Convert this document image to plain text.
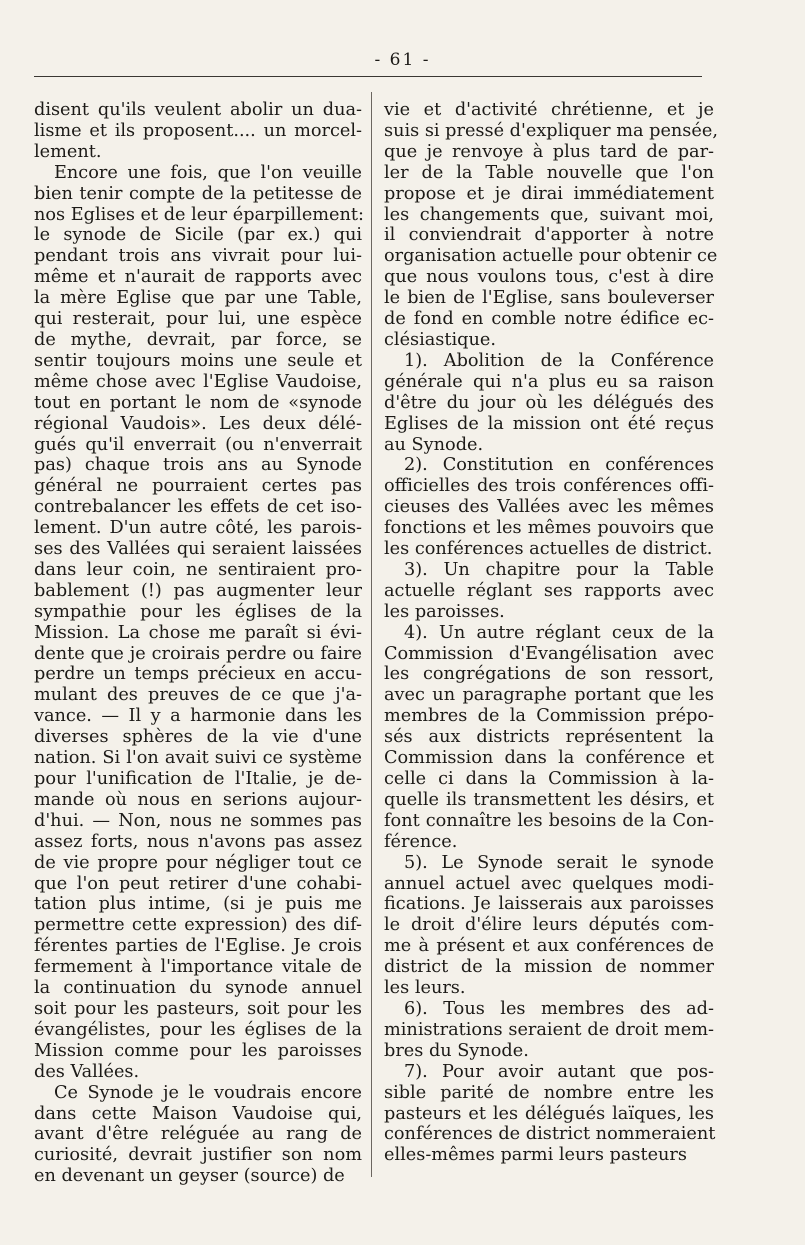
- 61 -

disent qu'ils veulent abolir un dua-
lisme et ils proposent.... un morcel-
lement.

Encore une fois, que l'on veuille
bien tenir compte de la petitesse de
nos Eglises et de leur éparpillement:
le synode de Sicile (par ex.) qui
pendant trois ans vivrait pour lui-
même et n'aurait de rapports avec
la mère Eglise que par une Table,
qui resterait, pour lui, une espèce
de mythe, devrait, par force, se
sentir toujours moins une seule et
même chose avec l'Eglise Vaudoise,
tout en portant le nom de «synode
régional Vaudois». Les deux délé-
gués qu'il enverrait (ou n'enverrait
pas) chaque trois ans au Synode
général ne pourraient certes pas
contrebalancer les effets de cet iso-
lement. D'un autre côté, les parois-
ses des Vallées qui seraient laissées
dans leur coin, ne sentiraient pro-
bablement (!) pas augmenter leur
sympathie pour les églises de la
Mission. La chose me paraît si évi-
dente que je croirais perdre ou faire
perdre un temps précieux en accu-
mulant des preuves de ce que j'a-
vance. — Il y a harmonie dans les
diverses sphères de la vie d'une
nation. Si l'on avait suivi ce système
pour l'unification de l'Italie, je de-
mande où nous en serions aujour-
d'hui. — Non, nous ne sommes pas
assez forts, nous n'avons pas assez
de vie propre pour négliger tout ce
que l'on peut retirer d'une cohabi-
tation plus intime, (si je puis me
permettre cette expression) des dif-
férentes parties de l'Eglise. Je crois
fermement à l'importance vitale de
la continuation du synode annuel
soit pour les pasteurs, soit pour les
évangélistes, pour les églises de la
Mission comme pour les paroisses
des Vallées.

Ce Synode je le voudrais encore
dans cette Maison Vaudoise qui,
avant d'être reléguée au rang de
curiosité, devrait justifier son nom
en devenant un geyser (source) de

vie et d'activité chrétienne, et je
suis si pressé d'expliquer ma pensée,
que je renvoye à plus tard de par-
ler de la Table nouvelle que l'on
propose et je dirai immédiatement
les changements que, suivant moi,
il conviendrait d'apporter à notre
organisation actuelle pour obtenir ce
que nous voulons tous, c'est à dire
le bien de l'Eglise, sans bouleverser
de fond en comble notre édifice ec-
clésiastique.

1). Abolition de la Conférence
générale qui n'a plus eu sa raison
d'être du jour où les délégués des
Eglises de la mission ont été reçus
au Synode.

2). Constitution en conférences
officielles des trois conférences offi-
cieuses des Vallées avec les mêmes
fonctions et les mêmes pouvoirs que
les conférences actuelles de district.

3). Un chapitre pour la Table
actuelle réglant ses rapports avec
les paroisses.

4). Un autre réglant ceux de la
Commission d'Evangélisation avec
les congrégations de son ressort,
avec un paragraphe portant que les
membres de la Commission prépo-
sés aux districts représentent la
Commission dans la conférence et
celle ci dans la Commission à la-
quelle ils transmettent les désirs, et
font connaître les besoins de la Con-
férence.

5). Le Synode serait le synode
annuel actuel avec quelques modi-
fications. Je laisserais aux paroisses
le droit d'élire leurs députés com-
me à présent et aux conférences de
district de la mission de nommer
les leurs.

6). Tous les membres des ad-
ministrations seraient de droit mem-
bres du Synode.

7). Pour avoir autant que pos-
sible parité de nombre entre les
pasteurs et les délégués laïques, les
conférences de district nommeraient
elles-mêmes parmi leurs pasteurs
